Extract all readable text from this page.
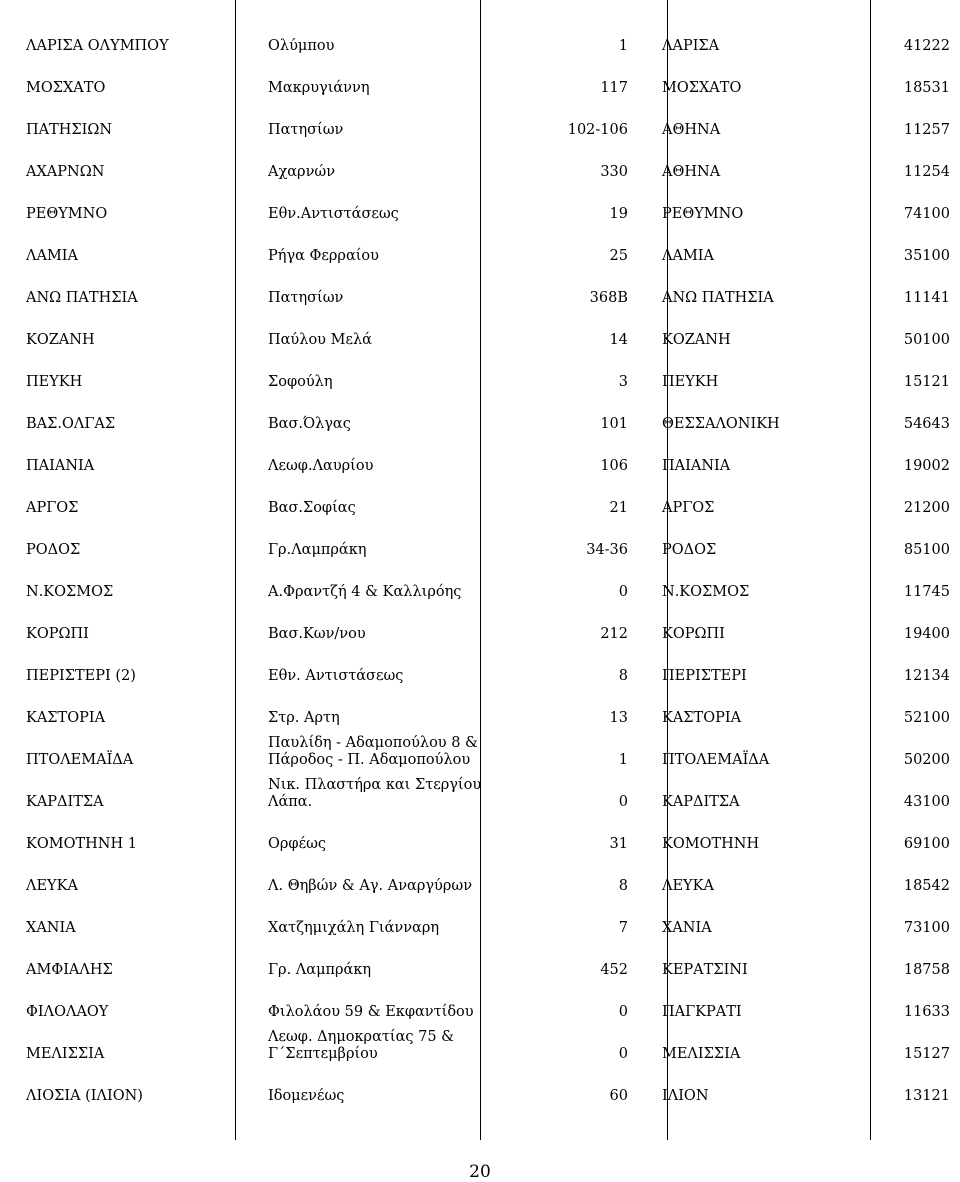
ΛΑΡΙΣΑ ΟΛΥΜΠΟΥ	Ολύμπου	1	ΛΑΡΙΣΑ	41222
ΜΟΣΧΑΤΟ	Μακρυγιάννη	117	ΜΟΣΧΑΤΟ	18531
ΠΑΤΗΣΙΩΝ	Πατησίων	102-106	ΑΘΗΝΑ	11257
ΑΧΑΡΝΩΝ	Αχαρνών	330	ΑΘΗΝΑ	11254
ΡΕΘΥΜΝΟ	Εθν.Αντιστάσεως	19	ΡΕΘΥΜΝΟ	74100
ΛΑΜΙΑ	Ρήγα Φερραίου	25	ΛΑΜΙΑ	35100
ΑΝΩ ΠΑΤΗΣΙΑ	Πατησίων	368Β	ΑΝΩ ΠΑΤΗΣΙΑ	11141
ΚΟΖΑΝΗ	Παύλου Μελά	14	ΚΟΖΑΝΗ	50100
ΠΕΥΚΗ	Σοφούλη	3	ΠΕΥΚΗ	15121
ΒΑΣ.ΟΛΓΑΣ	Βασ.Όλγας	101	ΘΕΣΣΑΛΟΝΙΚΗ	54643
ΠΑΙΑΝΙΑ	Λεωφ.Λαυρίου	106	ΠΑΙΑΝΙΑ	19002
ΑΡΓΟΣ	Βασ.Σοφίας	21	ΑΡΓΟΣ	21200
ΡΟΔΟΣ	Γρ.Λαμπράκη	34-36	ΡΟΔΟΣ	85100
Ν.ΚΟΣΜΟΣ	Α.Φραντζή 4 & Καλλιρόης	0	Ν.ΚΟΣΜΟΣ	11745
ΚΟΡΩΠΙ	Βασ.Κων/νου	212	ΚΟΡΩΠΙ	19400
ΠΕΡΙΣΤΕΡΙ (2)	Εθν. Αντιστάσεως	8	ΠΕΡΙΣΤΕΡΙ	12134
ΚΑΣΤΟΡΙΑ	Στρ. Αρτη	13	ΚΑΣΤΟΡΙΑ	52100
ΠΤΟΛΕΜΑΪΔΑ	Παυλίδη - Αδαμοπούλου 8 &
Πάροδος - Π. Αδαμοπούλου	1	ΠΤΟΛΕΜΑΪΔΑ	50200
ΚΑΡΔΙΤΣΑ	Νικ. Πλαστήρα και Στεργίου
Λάπα.	0	ΚΑΡΔΙΤΣΑ	43100
ΚΟΜΟΤΗΝΗ 1	Ορφέως	31	ΚΟΜΟΤΗΝΗ	69100
ΛΕΥΚΑ	Λ. Θηβών & Αγ. Αναργύρων	8	ΛΕΥΚΑ	18542
ΧΑΝΙΑ	Χατζημιχάλη Γιάνναρη	7	ΧΑΝΙΑ	73100
ΑΜΦΙΑΛΗΣ	Γρ. Λαμπράκη	452	ΚΕΡΑΤΣΙΝΙ	18758
ΦΙΛΟΛΑΟΥ	Φιλολάου 59 & Εκφαντίδου	0	ΠΑΓΚΡΑΤΙ	11633
ΜΕΛΙΣΣΙΑ	Λεωφ. Δημοκρατίας 75 &
Γ΄Σεπτεμβρίου	0	ΜΕΛΙΣΣΙΑ	15127
ΛΙΟΣΙΑ (ΙΛΙΟΝ)	Ιδομενέως	60	ΙΛΙΟΝ	13121
20
